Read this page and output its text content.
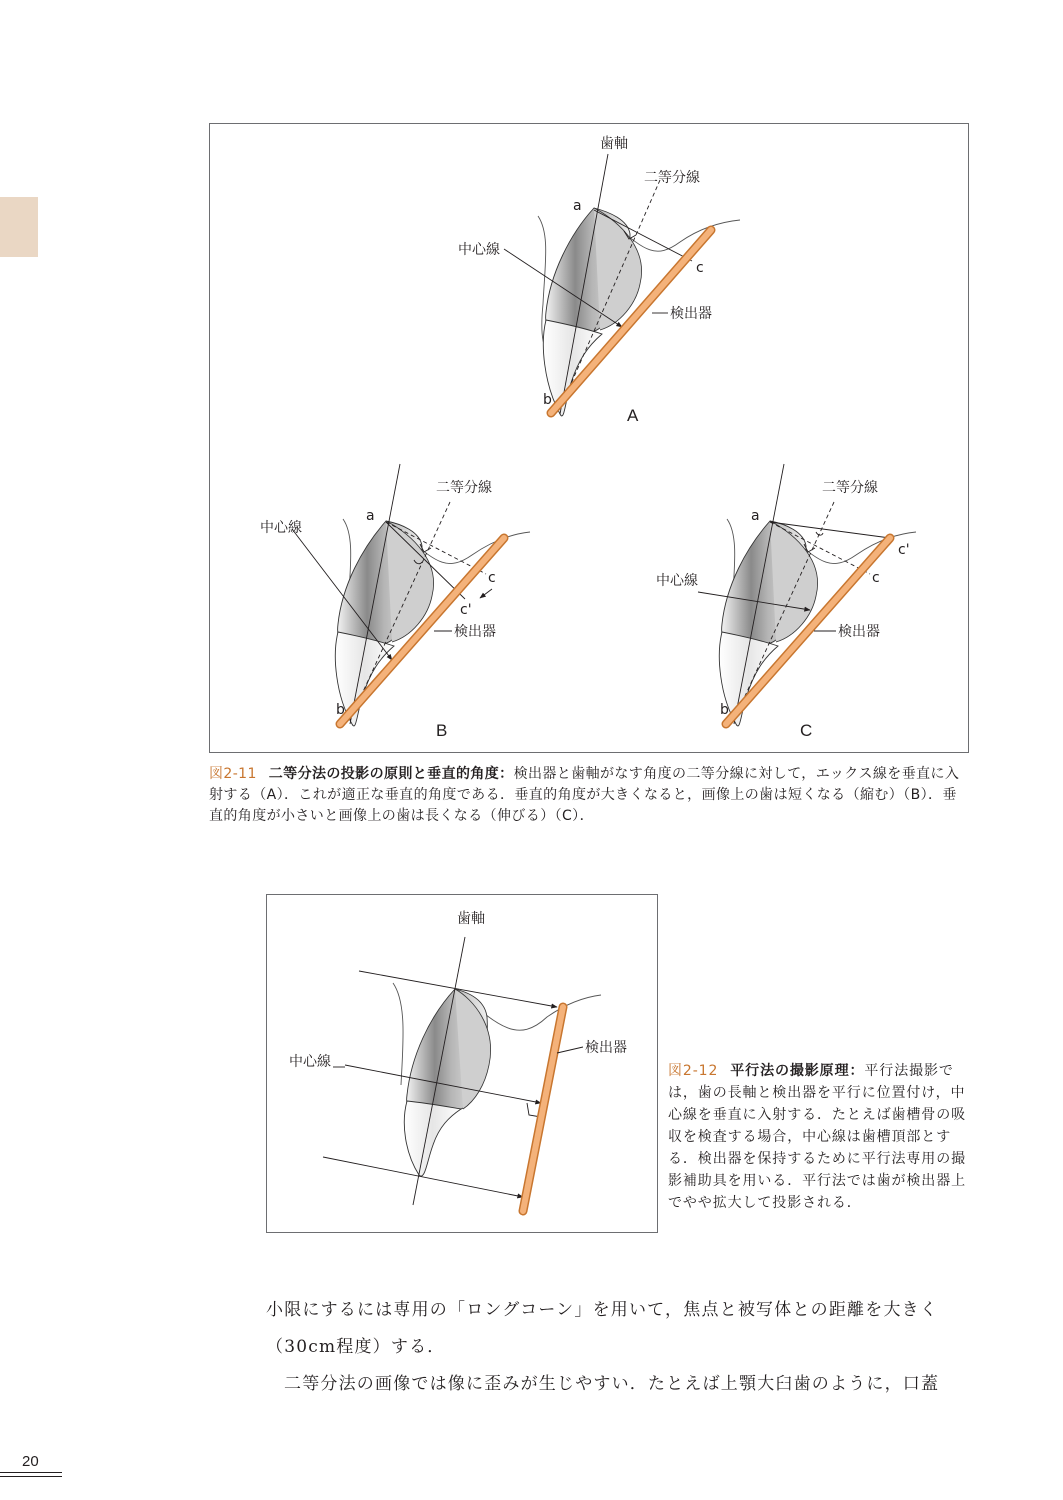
歯軸
二等分線
中心線
検出器
a
b
c
A
二等分線
中心線
検出器
a
b
c
c'
B
二等分線
中心線
検出器
a
b
c
c'
C
図2-11 二等分法の投影の原則と垂直的角度：検出器と歯軸がなす角度の二等分線に対して，エックス線を垂直に入射する（A）．これが適正な垂直的角度である．垂直的角度が大きくなると，画像上の歯は短くなる（縮む）（B）．垂直的角度が小さいと画像上の歯は長くなる（伸びる）（C）．
歯軸
中心線
検出器
図2-12 平行法の撮影原理：平行法撮影では，歯の長軸と検出器を平行に位置付け，中心線を垂直に入射する．たとえば歯槽骨の吸収を検査する場合，中心線は歯槽頂部とする．検出器を保持するために平行法専用の撮影補助具を用いる．平行法では歯が検出器上でやや拡大して投影される．
小限にするには専用の「ロングコーン」を用いて，焦点と被写体との距離を大きく（30cm程度）する．
二等分法の画像では像に歪みが生じやすい．たとえば上顎大臼歯のように，口蓋
20
